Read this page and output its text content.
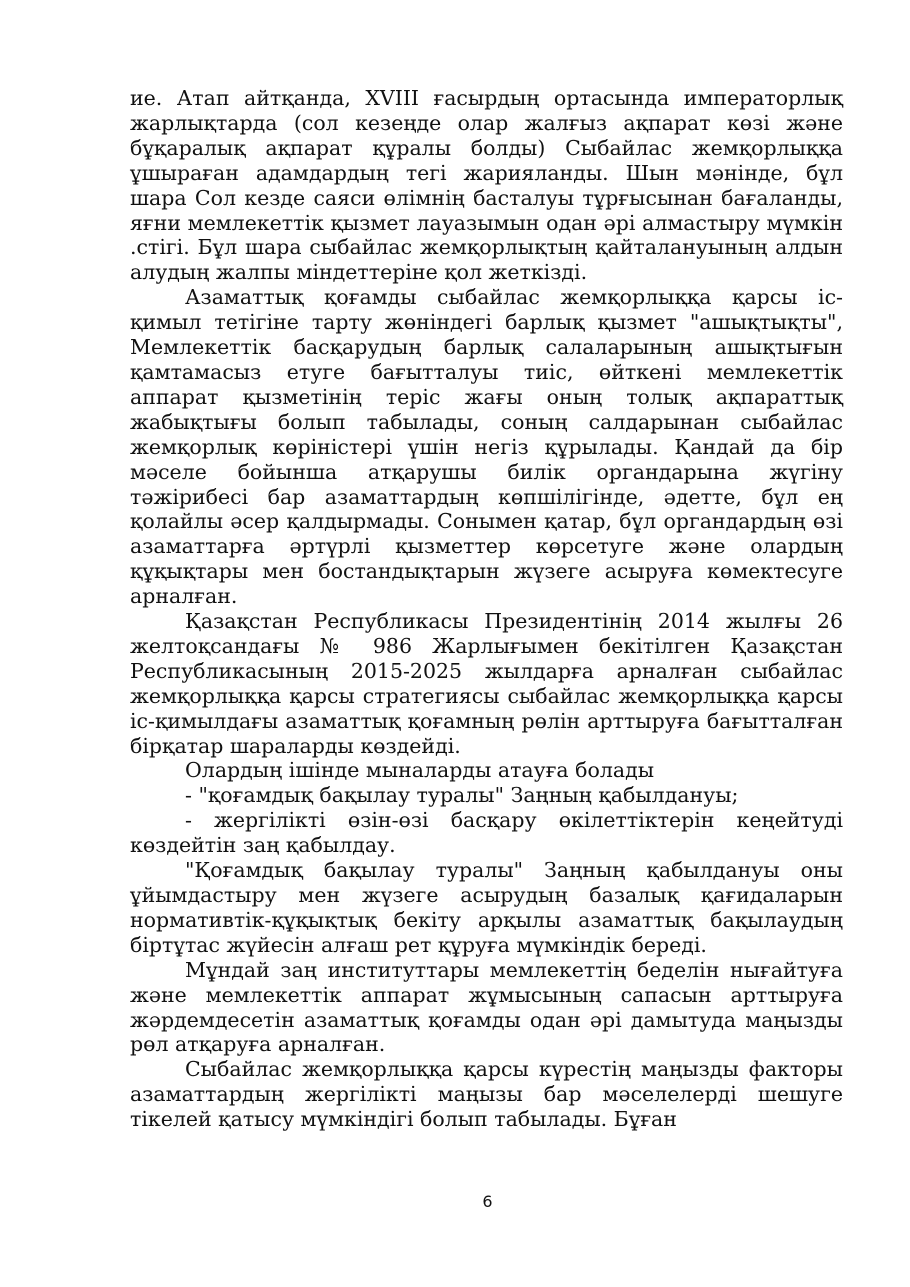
ие. Атап айтқанда, XVIII ғасырдың ортасында императорлық жарлықтарда (сол кезеңде олар жалғыз ақпарат көзі және бұқаралық ақпарат құралы болды) Сыбайлас жемқорлыққа ұшыраған адамдардың тегі жарияланды. Шын мәнінде, бұл шара Сол кезде саяси өлімнің басталуы тұрғысынан бағаланды, яғни мемлекеттік қызмет лауазымын одан әрі алмастыру мүмкін .стігі. Бұл шара сыбайлас жемқорлықтың қайталануының алдын алудың жалпы міндеттеріне қол жеткізді.

Азаматтық қоғамды сыбайлас жемқорлыққа қарсы іс-қимыл тетігіне тарту жөніндегі барлық қызмет "ашықтықты", Мемлекеттік басқарудың барлық салаларының ашықтығын қамтамасыз етуге бағытталуы тиіс, өйткені мемлекеттік аппарат қызметінің теріс жағы оның толық ақпараттық жабықтығы болып табылады, соның салдарынан сыбайлас жемқорлық көріністері үшін негіз құрылады. Қандай да бір мәселе бойынша атқарушы билік органдарына жүгіну тәжірибесі бар азаматтардың көпшілігінде, әдетте, бұл ең қолайлы әсер қалдырмады. Сонымен қатар, бұл органдардың өзі азаматтарға әртүрлі қызметтер көрсетуге және олардың құқықтары мен бостандықтарын жүзеге асыруға көмектесуге арналған.

Қазақстан Республикасы Президентінің 2014 жылғы 26 желтоқсандағы № 986 Жарлығымен бекітілген Қазақстан Республикасының 2015-2025 жылдарға арналған сыбайлас жемқорлыққа қарсы стратегиясы сыбайлас жемқорлыққа қарсы іс-қимылдағы азаматтық қоғамның рөлін арттыруға бағытталған бірқатар шараларды көздейді.

Олардың ішінде мыналарды атауға болады

- "қоғамдық бақылау туралы" Заңның қабылдануы;

- жергілікті өзін-өзі басқару өкілеттіктерін кеңейтуді көздейтін заң қабылдау.

"Қоғамдық бақылау туралы" Заңның қабылдануы оны ұйымдастыру мен жүзеге асырудың базалық қағидаларын нормативтік-құқықтық бекіту арқылы азаматтық бақылаудың біртұтас жүйесін алғаш рет құруға мүмкіндік береді.

Мұндай заң институттары мемлекеттің беделін нығайтуға және мемлекеттік аппарат жұмысының сапасын арттыруға жәрдемдесетін азаматтық қоғамды одан әрі дамытуда маңызды рөл атқаруға арналған.

Сыбайлас жемқорлыққа қарсы күрестің маңызды факторы азаматтардың жергілікті маңызы бар мәселелерді шешуге тікелей қатысу мүмкіндігі болып табылады. Бұған

6
